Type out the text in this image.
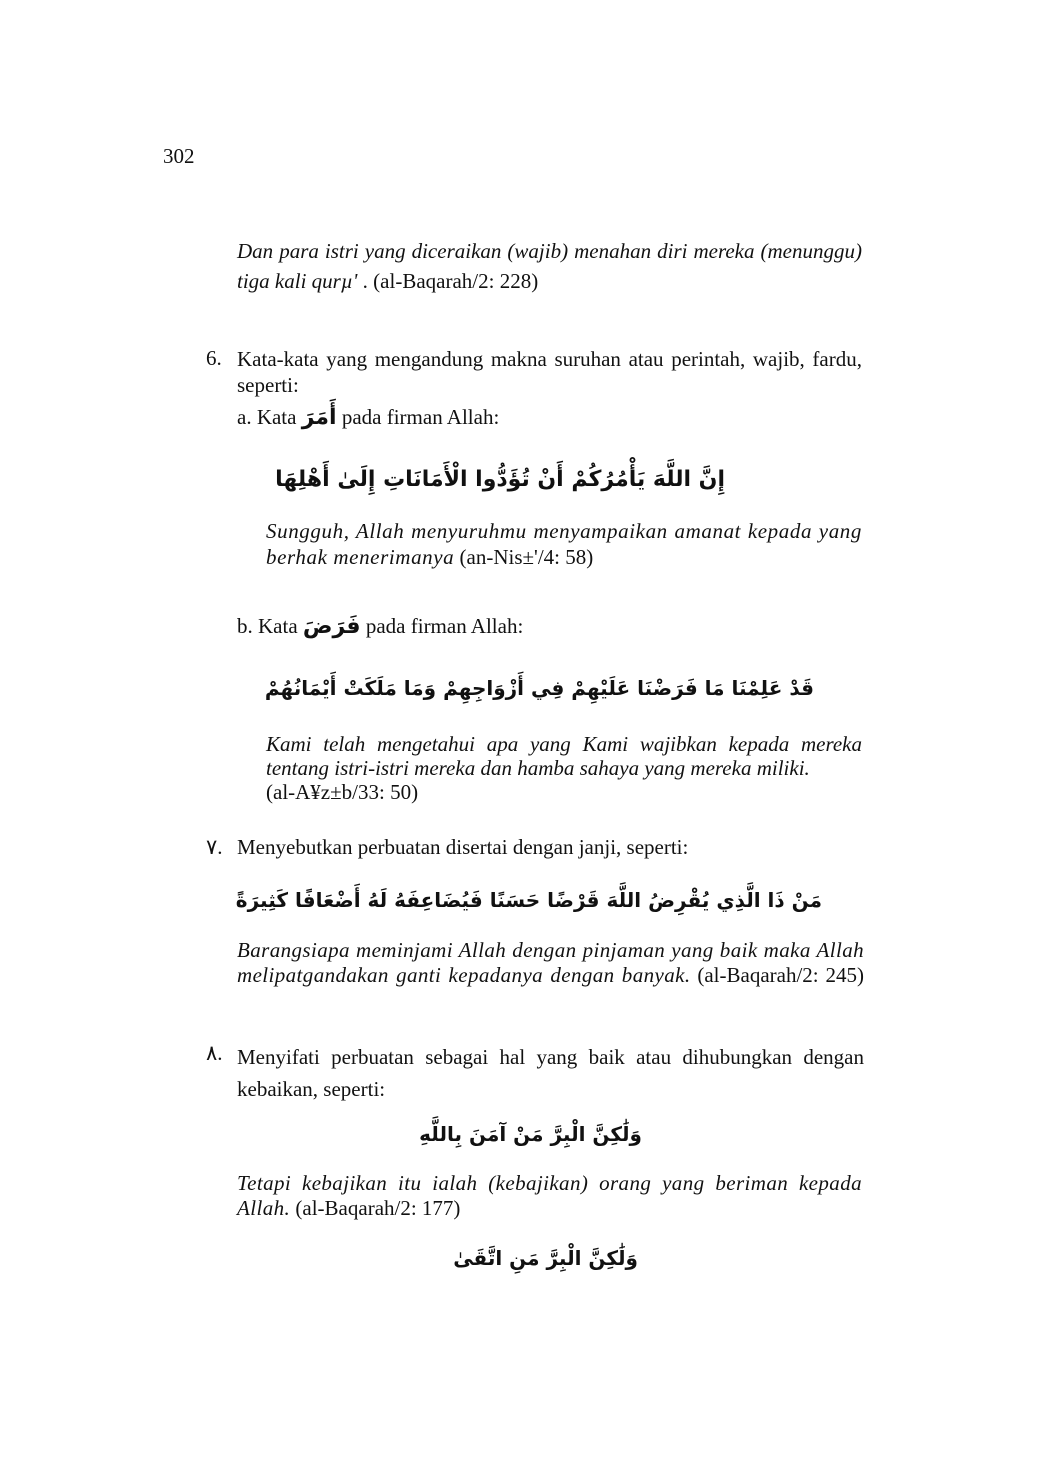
302
Dan para istri yang diceraikan (wajib) menahan diri mereka (menunggu) tiga kali qurµ' . (al-Baqarah/2: 228)
6. Kata-kata yang mengandung makna suruhan atau perintah, wajib, fardu, seperti:
a. Kata أَمَرَ pada firman Allah:
إِنَّ اللَّهَ يَأْمُرُكُمْ أَنْ تُؤَدُّوا الْأَمَانَاتِ إِلَىٰ أَهْلِهَا
Sungguh, Allah menyuruhmu menyampaikan amanat kepada yang berhak menerimanya (an-Nis±'/4: 58)
b. Kata فَرَضَ pada firman Allah:
قَدْ عَلِمْنَا مَا فَرَضْنَا عَلَيْهِمْ فِي أَزْوَاجِهِمْ وَمَا مَلَكَتْ أَيْمَانُهُمْ
Kami telah mengetahui apa yang Kami wajibkan kepada mereka tentang istri-istri mereka dan hamba sahaya yang mereka miliki.
(al-A¥z±b/33: 50)
٧. Menyebutkan perbuatan disertai dengan janji, seperti:
مَنْ ذَا الَّذِي يُقْرِضُ اللَّهَ قَرْضًا حَسَنًا فَيُضَاعِفَهُ لَهُ أَضْعَافًا كَثِيرَةً
Barangsiapa meminjami Allah dengan pinjaman yang baik maka Allah melipatgandakan ganti kepadanya dengan banyak. (al-Baqarah/2: 245)
٨. Menyifati perbuatan sebagai hal yang baik atau dihubungkan dengan kebaikan, seperti:
وَلَٰكِنَّ الْبِرَّ مَنْ آمَنَ بِاللَّهِ
Tetapi kebajikan itu ialah (kebajikan) orang yang beriman kepada Allah. (al-Baqarah/2: 177)
وَلَٰكِنَّ الْبِرَّ مَنِ اتَّقَىٰ
